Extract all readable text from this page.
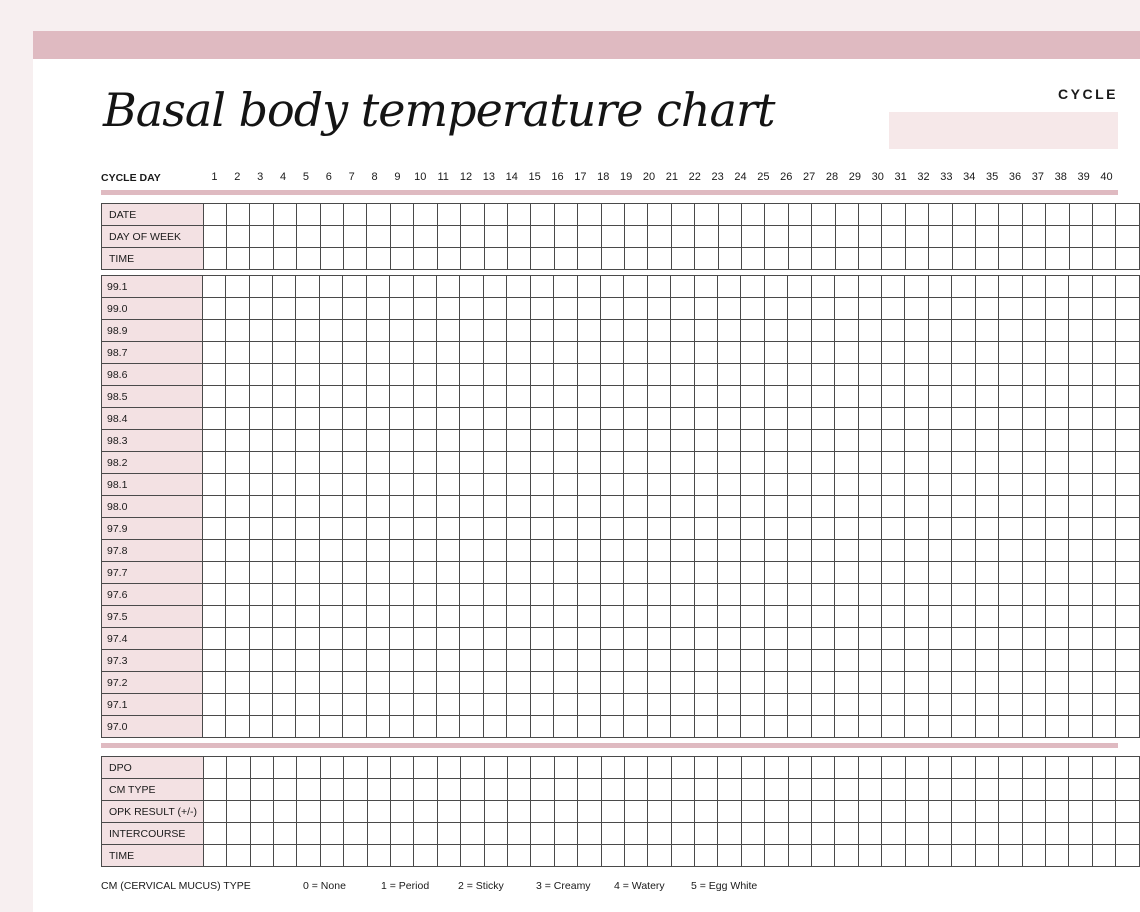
Basal body temperature chart	CYCLE
CYCLE DAY	1	2	3	4	5	6	7	8	9	10	11	12 13 14 15 16 17 18 19 20 21 22 23 24 25 26 27 28 29 30 31 32 33 34 35 36 37 38 39 40
DATE																																								
DAY OF WEEK																																								
TIME																																								
99.1																																								
99.0																																								
98.9																																								
98.7																																								
98.6																																								
98.5																																								
98.4																																								
98.3																																								
98.2																																								
98.1																																								
98.0																																								
97.9																																								
97.8																																								
97.7																																								
97.6																																								
97.5																																								
97.4																																								
97.3																																								
97.2																																								
97.1																																								
97.0																																								
DPO																																								
CM TYPE																																								
OPK RESULT (+/-)																																								
INTERCOURSE																																								
TIME																																								
CM (CERVICAL MUCUS) TYPE	0 = None	1 = Period	2 = Sticky	3 = Creamy 4 = Watery	5 = Egg White
